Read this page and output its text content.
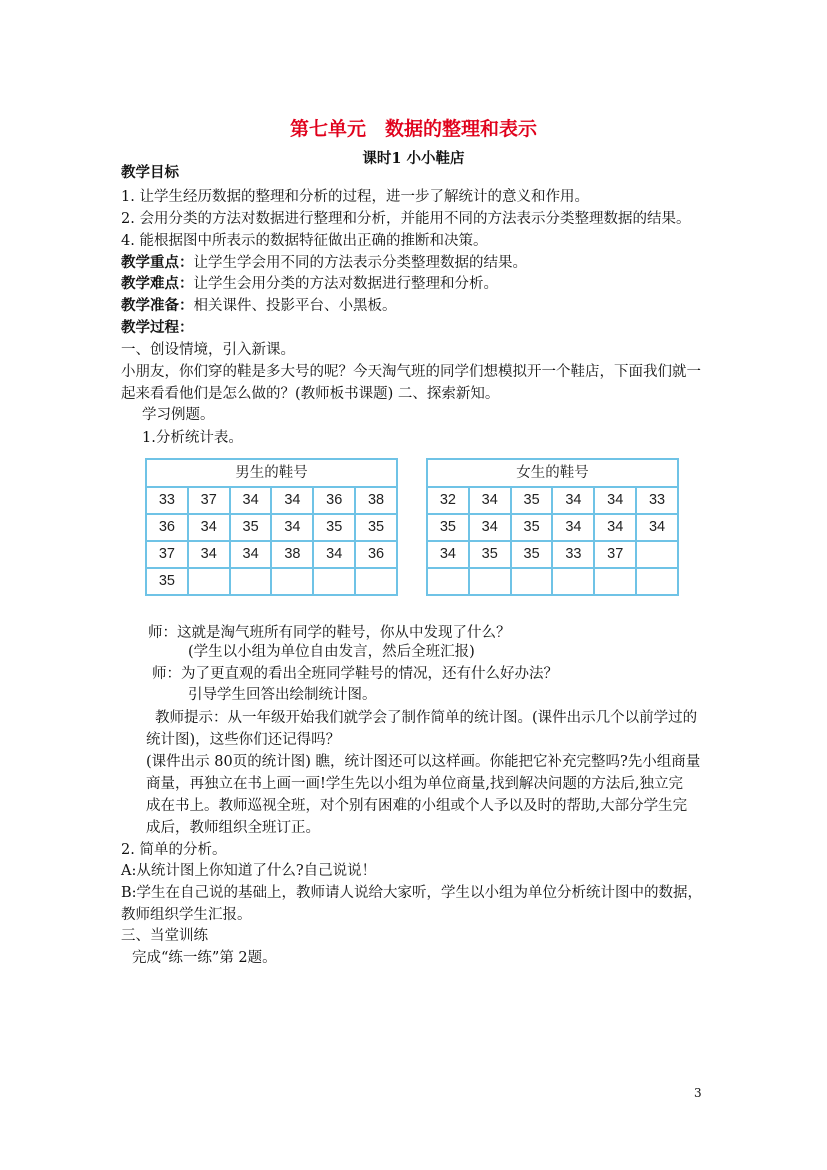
第七单元　数据的整理和表示
课时1 小小鞋店
教学目标
1. 让学生经历数据的整理和分析的过程，进一步了解统计的意义和作用。
2. 会用分类的方法对数据进行整理和分析，并能用不同的方法表示分类整理数据的结果。
4. 能根据图中所表示的数据特征做出正确的推断和决策。
教学重点：让学生学会用不同的方法表示分类整理数据的结果。
教学难点：让学生会用分类的方法对数据进行整理和分析。
教学准备：相关课件、投影平台、小黑板。
教学过程：
一、创设情境，引入新课。
小朋友，你们穿的鞋是多大号的呢？今天淘气班的同学们想模拟开一个鞋店，下面我们就一
起来看看他们是怎么做的？(教师板书课题) 二、探索新知。
学习例题。
1.分析统计表。
男生的鞋号
33	37	34	34	36	38
36	34	35	34	35	35
37	34	34	38	34	36
35
女生的鞋号
32	34	35	34	34	33
35	34	35	34	34	34
34	35	35	33	37
师：这就是淘气班所有同学的鞋号，你从中发现了什么？
(学生以小组为单位自由发言，然后全班汇报)
师：为了更直观的看出全班同学鞋号的情况，还有什么好办法？
引导学生回答出绘制统计图。
教师提示：从一年级开始我们就学会了制作简单的统计图。(课件出示几个以前学过的
统计图)，这些你们还记得吗？
(课件出示 80页的统计图) 瞧，统计图还可以这样画。你能把它补充完整吗?先小组商量
商量，再独立在书上画一画!学生先以小组为单位商量,找到解决问题的方法后,独立完
成在书上。教师巡视全班，对个别有困难的小组或个人予以及时的帮助,大部分学生完
成后，教师组织全班订正。
2. 简单的分析。
A:从统计图上你知道了什么?自己说说！
B:学生在自己说的基础上，教师请人说给大家听，学生以小组为单位分析统计图中的数据，
教师组织学生汇报。
三、当堂训练
完成“练一练”第 2题。
3
